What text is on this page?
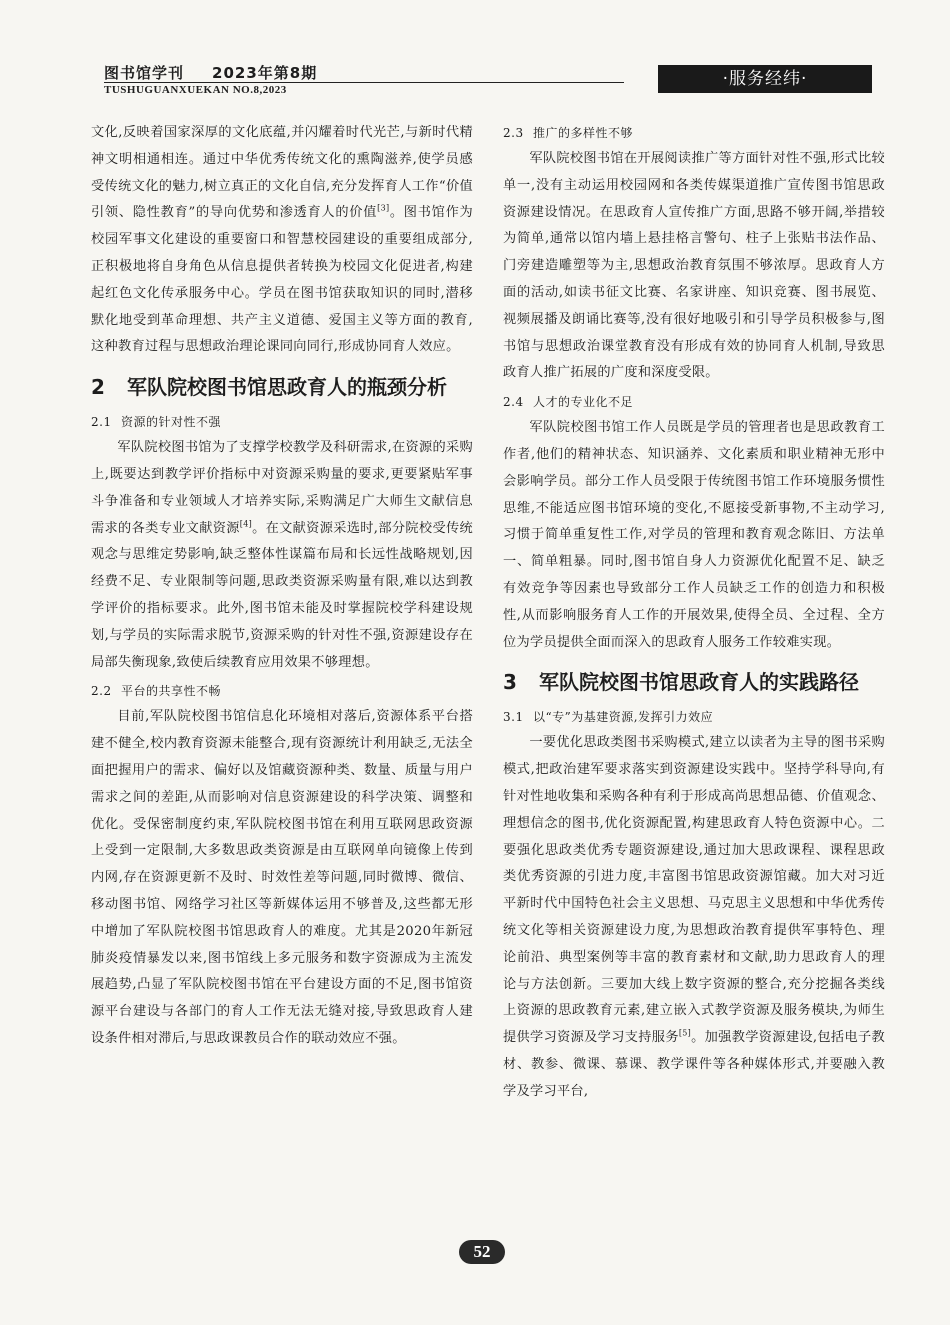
图书馆学刊 2023年第8期
TUSHUGUANXUEKAN NO.8,2023
·服务经纬·

文化,反映着国家深厚的文化底蕴,并闪耀着时代光芒,与新时代精神文明相通相连。通过中华优秀传统文化的熏陶滋养,使学员感受传统文化的魅力,树立真正的文化自信,充分发挥育人工作“价值引领、隐性教育”的导向优势和渗透育人的价值[3]。图书馆作为校园军事文化建设的重要窗口和智慧校园建设的重要组成部分,正积极地将自身角色从信息提供者转换为校园文化促进者,构建起红色文化传承服务中心。学员在图书馆获取知识的同时,潜移默化地受到革命理想、共产主义道德、爱国主义等方面的教育,这种教育过程与思想政治理论课同向同行,形成协同育人效应。

2	军队院校图书馆思政育人的瓶颈分析
2.1 资源的针对性不强

军队院校图书馆为了支撑学校教学及科研需求,在资源的采购上,既要达到教学评价指标中对资源采购量的要求,更要紧贴军事斗争准备和专业领域人才培养实际,采购满足广大师生文献信息需求的各类专业文献资源[4]。在文献资源采选时,部分院校受传统观念与思维定势影响,缺乏整体性谋篇布局和长远性战略规划,因经费不足、专业限制等问题,思政类资源采购量有限,难以达到教学评价的指标要求。此外,图书馆未能及时掌握院校学科建设规划,与学员的实际需求脱节,资源采购的针对性不强,资源建设存在局部失衡现象,致使后续教育应用效果不够理想。

2.2 平台的共享性不畅

目前,军队院校图书馆信息化环境相对落后,资源体系平台搭建不健全,校内教育资源未能整合,现有资源统计利用缺乏,无法全面把握用户的需求、偏好以及馆藏资源种类、数量、质量与用户需求之间的差距,从而影响对信息资源建设的科学决策、调整和优化。受保密制度约束,军队院校图书馆在利用互联网思政资源上受到一定限制,大多数思政类资源是由互联网单向镜像上传到内网,存在资源更新不及时、时效性差等问题,同时微博、微信、移动图书馆、网络学习社区等新媒体运用不够普及,这些都无形中增加了军队院校图书馆思政育人的难度。尤其是2020年新冠肺炎疫情暴发以来,图书馆线上多元服务和数字资源成为主流发展趋势,凸显了军队院校图书馆在平台建设方面的不足,图书馆资源平台建设与各部门的育人工作无法无缝对接,导致思政育人建设条件相对滞后,与思政课教员合作的联动效应不强。

2.3 推广的多样性不够

军队院校图书馆在开展阅读推广等方面针对性不强,形式比较单一,没有主动运用校园网和各类传媒渠道推广宣传图书馆思政资源建设情况。在思政育人宣传推广方面,思路不够开阔,举措较为简单,通常以馆内墙上悬挂格言警句、柱子上张贴书法作品、门旁建造雕塑等为主,思想政治教育氛围不够浓厚。思政育人方面的活动,如读书征文比赛、名家讲座、知识竞赛、图书展览、视频展播及朗诵比赛等,没有很好地吸引和引导学员积极参与,图书馆与思想政治课堂教育没有形成有效的协同育人机制,导致思政育人推广拓展的广度和深度受限。

2.4 人才的专业化不足

军队院校图书馆工作人员既是学员的管理者也是思政教育工作者,他们的精神状态、知识涵养、文化素质和职业精神无形中会影响学员。部分工作人员受限于传统图书馆工作环境服务惯性思维,不能适应图书馆环境的变化,不愿接受新事物,不主动学习,习惯于简单重复性工作,对学员的管理和教育观念陈旧、方法单一、简单粗暴。同时,图书馆自身人力资源优化配置不足、缺乏有效竞争等因素也导致部分工作人员缺乏工作的创造力和积极性,从而影响服务育人工作的开展效果,使得全员、全过程、全方位为学员提供全面而深入的思政育人服务工作较难实现。

3	军队院校图书馆思政育人的实践路径
3.1 以“专”为基建资源,发挥引力效应

一要优化思政类图书采购模式,建立以读者为主导的图书采购模式,把政治建军要求落实到资源建设实践中。坚持学科导向,有针对性地收集和采购各种有利于形成高尚思想品德、价值观念、理想信念的图书,优化资源配置,构建思政育人特色资源中心。二要强化思政类优秀专题资源建设,通过加大思政课程、课程思政类优秀资源的引进力度,丰富图书馆思政资源馆藏。加大对习近平新时代中国特色社会主义思想、马克思主义思想和中华优秀传统文化等相关资源建设力度,为思想政治教育提供军事特色、理论前沿、典型案例等丰富的教育素材和文献,助力思政育人的理论与方法创新。三要加大线上数字资源的整合,充分挖掘各类线上资源的思政教育元素,建立嵌入式教学资源及服务模块,为师生提供学习资源及学习支持服务[5]。加强教学资源建设,包括电子教材、教参、微课、慕课、教学课件等各种媒体形式,并要融入教学及学习平台,

52
